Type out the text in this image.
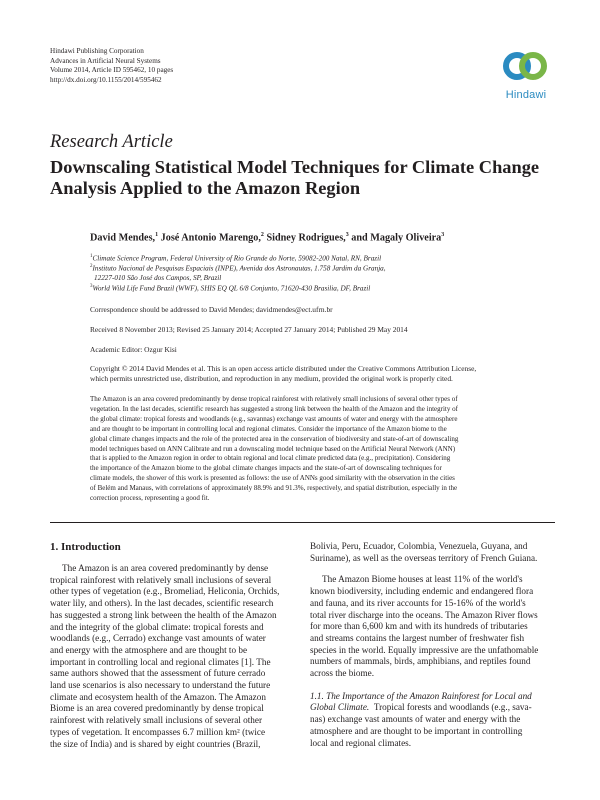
Hindawi Publishing Corporation
Advances in Artificial Neural Systems
Volume 2014, Article ID 595462, 10 pages
http://dx.doi.org/10.1155/2014/595462
Hindawi
Research Article
Downscaling Statistical Model Techniques for Climate Change Analysis Applied to the Amazon Region
David Mendes,$^1$ José Antonio Marengo,$^2$ Sidney Rodrigues,$^3$ and Magaly Oliveira$^3$
$^1$Climate Science Program, Federal University of Rio Grande do Norte, 59082-200 Natal, RN, Brazil
$^2$Instituto Nacional de Pesquisas Espaciais (INPE), Avenida dos Astronautas, 1.758 Jardim da Granja,
12227-010 São José dos Campos, SP, Brazil
$^3$World Wild Life Fund Brazil (WWF), SHIS EQ QL 6/8 Conjunto, 71620-430 Brasilia, DF, Brazil
Correspondence should be addressed to David Mendes; davidmendes@ect.ufrn.br
Received 8 November 2013; Revised 25 January 2014; Accepted 27 January 2014; Published 29 May 2014
Academic Editor: Ozgur Kisi
Copyright © 2014 David Mendes et al. This is an open access article distributed under the Creative Commons Attribution License,
which permits unrestricted use, distribution, and reproduction in any medium, provided the original work is properly cited.
The Amazon is an area covered predominantly by dense tropical rainforest with relatively small inclusions of several other types of
vegetation. In the last decades, scientific research has suggested a strong link between the health of the Amazon and the integrity of
the global climate: tropical forests and woodlands (e.g., savannas) exchange vast amounts of water and energy with the atmosphere
and are thought to be important in controlling local and regional climates. Consider the importance of the Amazon biome to the
global climate changes impacts and the role of the protected area in the conservation of biodiversity and state-of-art of downscaling
model techniques based on ANN Calibrate and run a downscaling model technique based on the Artificial Neural Network (ANN)
that is applied to the Amazon region in order to obtain regional and local climate predicted data (e.g., precipitation). Considering
the importance of the Amazon biome to the global climate changes impacts and the state-of-art of downscaling techniques for
climate models, the shower of this work is presented as follows: the use of ANNs good similarity with the observation in the cities
of Belém and Manaus, with correlations of approximately 88.9% and 91.3%, respectively, and spatial distribution, especially in the
correction process, representing a good fit.
1. Introduction
The Amazon is an area covered predominantly by dense
tropical rainforest with relatively small inclusions of several
other types of vegetation (e.g., Bromeliad, Heliconia, Orchids,
water lily, and others). In the last decades, scientific research
has suggested a strong link between the health of the Amazon
and the integrity of the global climate: tropical forests and
woodlands (e.g., Cerrado) exchange vast amounts of water
and energy with the atmosphere and are thought to be
important in controlling local and regional climates [1]. The
same authors showed that the assessment of future cerrado
land use scenarios is also necessary to understand the future
climate and ecosystem health of the Amazon. The Amazon
Biome is an area covered predominantly by dense tropical
rainforest with relatively small inclusions of several other
types of vegetation. It encompasses 6.7 million km² (twice
the size of India) and is shared by eight countries (Brazil,
Bolivia, Peru, Ecuador, Colombia, Venezuela, Guyana, and
Suriname), as well as the overseas territory of French Guiana.
The Amazon Biome houses at least 11% of the world's
known biodiversity, including endemic and endangered flora
and fauna, and its river accounts for 15-16% of the world's
total river discharge into the oceans. The Amazon River flows
for more than 6,600 km and with its hundreds of tributaries
and streams contains the largest number of freshwater fish
species in the world. Equally impressive are the unfathomable
numbers of mammals, birds, amphibians, and reptiles found
across the biome.
1.1. The Importance of the Amazon Rainforest for Local and
Global Climate. Tropical forests and woodlands (e.g., sava-
nas) exchange vast amounts of water and energy with the
atmosphere and are thought to be important in controlling
local and regional climates.
